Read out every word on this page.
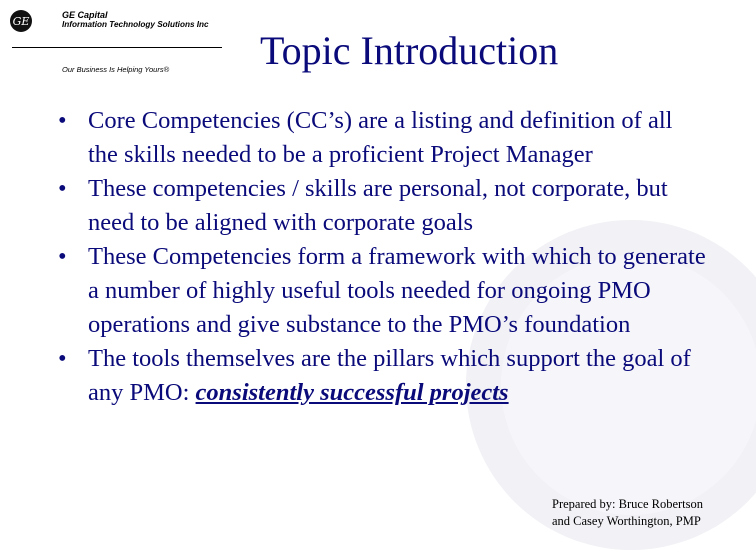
GE	GE Capital
Information Technology Solutions Inc
Our Business Is Helping Yours® Topic Introduction
• Core Competencies (CC’s) are a listing and definition of all the skills needed to be a proficient Project Manager
• These competencies / skills are personal, not corporate, but need to be aligned with corporate goals
• These Competencies form a framework with which to generate a number of highly useful tools needed for ongoing PMO operations and give substance to the PMO’s foundation
• The tools themselves are the pillars which support the goal of any PMO: consistently successful projects
Prepared by: Bruce Robertson
and Casey Worthington, PMP
